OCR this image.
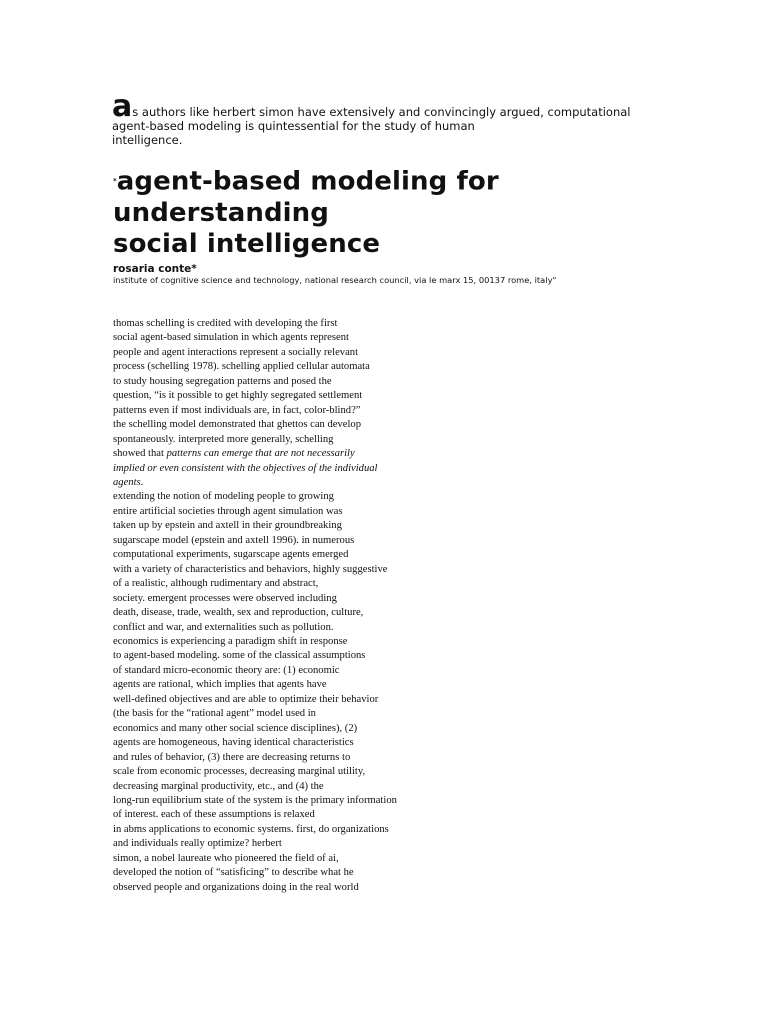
as authors like herbert simon have extensively and convincingly argued, computational
agent-based modeling is quintessential for the study of human
intelligence.
*agent-based modeling for
understanding
social intelligence
rosaria conte*
institute of cognitive science and technology, national research council, via le marx 15, 00137 rome, italy"
thomas schelling is credited with developing the first
social agent-based simulation in which agents represent
people and agent interactions represent a socially relevant
process (schelling 1978). schelling applied cellular automata
to study housing segregation patterns and posed the
question, “is it possible to get highly segregated settlement
patterns even if most individuals are, in fact, color-blind?”
the schelling model demonstrated that ghettos can develop
spontaneously. interpreted more generally, schelling
showed that patterns can emerge that are not necessarily
implied or even consistent with the objectives of the individual
agents.
extending the notion of modeling people to growing
entire artificial societies through agent simulation was
taken up by epstein and axtell in their groundbreaking
sugarscape model (epstein and axtell 1996). in numerous
computational experiments, sugarscape agents emerged
with a variety of characteristics and behaviors, highly suggestive
of a realistic, although rudimentary and abstract,
society. emergent processes were observed including
death, disease, trade, wealth, sex and reproduction, culture,
conflict and war, and externalities such as pollution.
economics is experiencing a paradigm shift in response
to agent-based modeling. some of the classical assumptions
of standard micro-economic theory are: (1) economic
agents are rational, which implies that agents have
well-defined objectives and are able to optimize their behavior
(the basis for the “rational agent” model used in
economics and many other social science disciplines), (2)
agents are homogeneous, having identical characteristics
and rules of behavior, (3) there are decreasing returns to
scale from economic processes, decreasing marginal utility,
decreasing marginal productivity, etc., and (4) the
long-run equilibrium state of the system is the primary information
of interest. each of these assumptions is relaxed
in abms applications to economic systems. first, do organizations
and individuals really optimize? herbert
simon, a nobel laureate who pioneered the field of ai,
developed the notion of “satisficing” to describe what he
observed people and organizations doing in the real world
